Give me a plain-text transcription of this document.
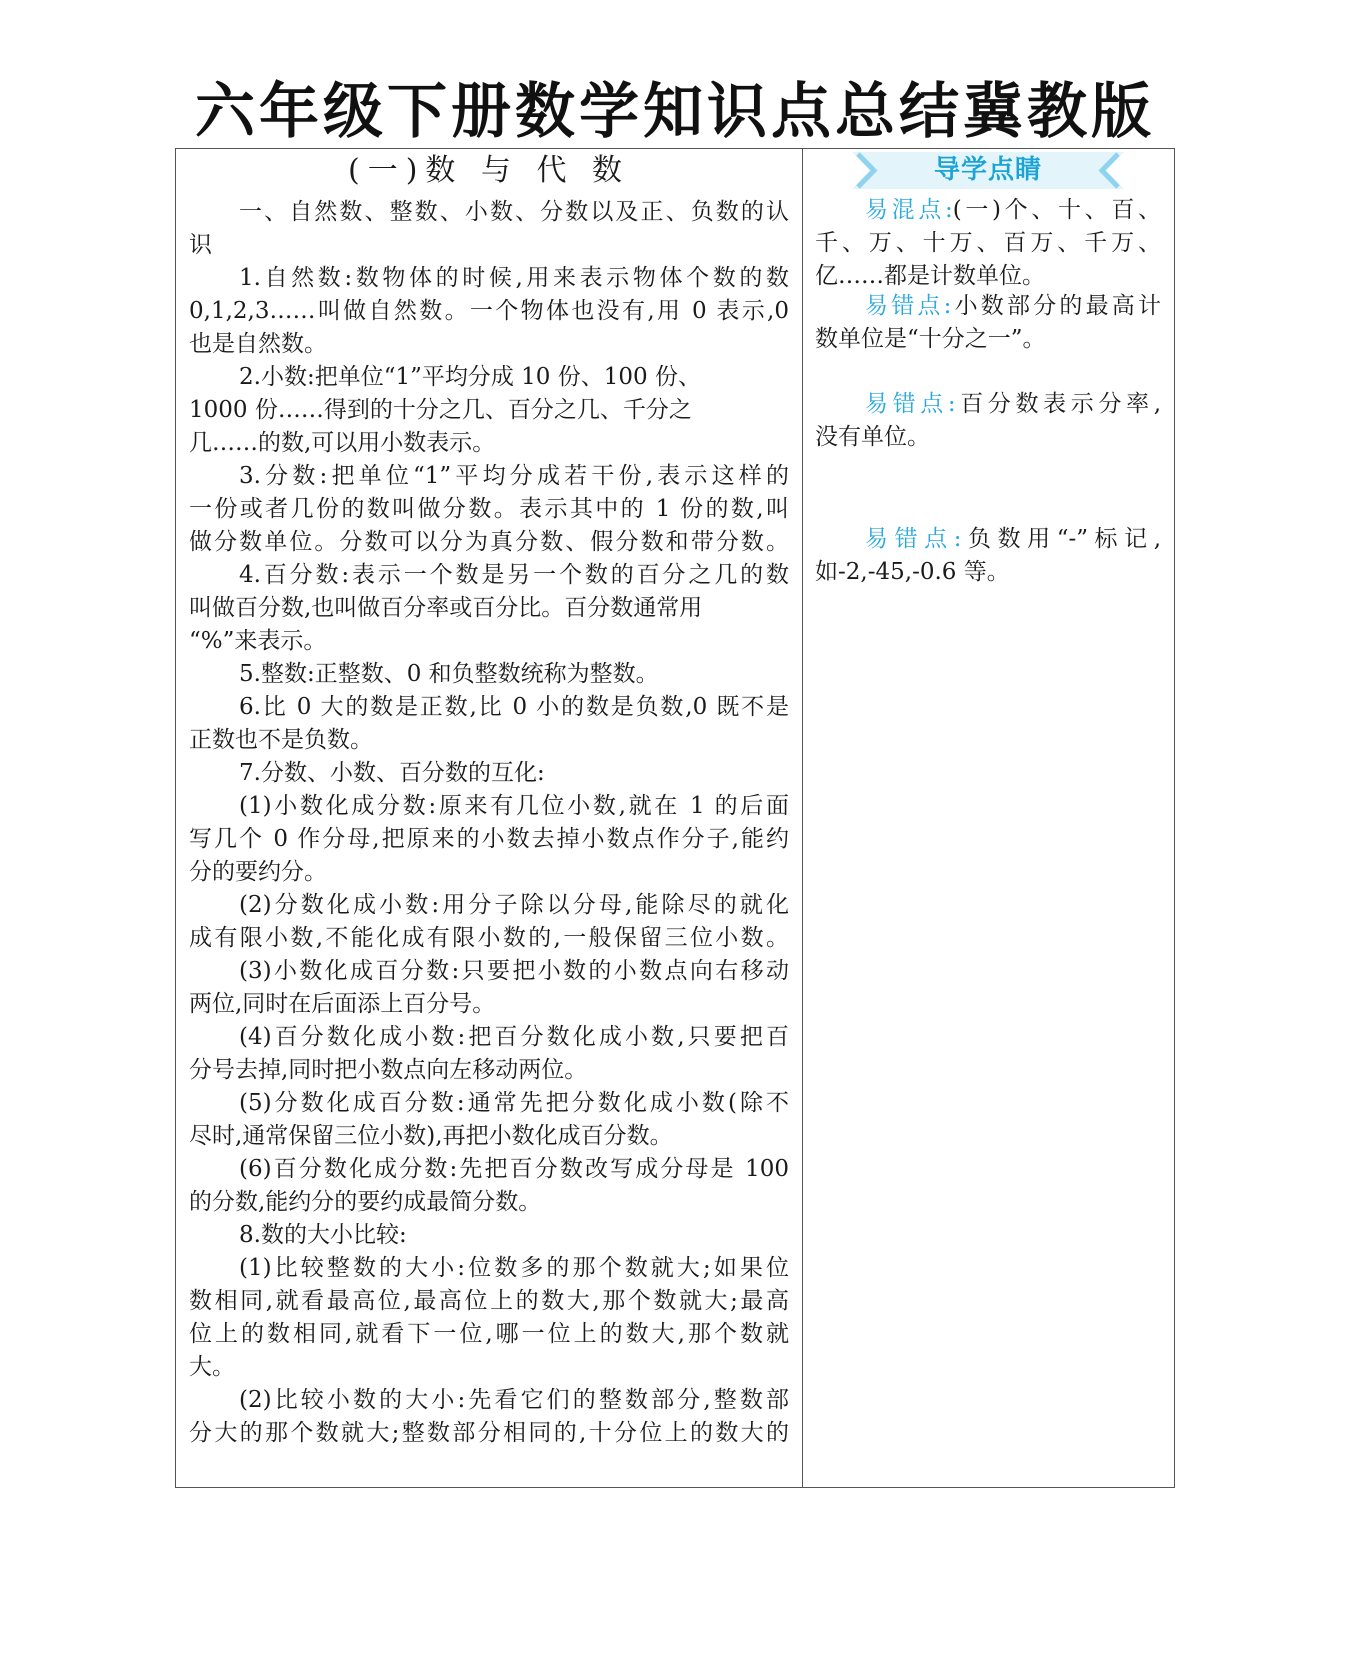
六年级下册数学知识点总结冀教版
(一)数 与 代 数
一、自然数、整数、小数、分数以及正、负数的认
识
1.自然数:数物体的时候,用来表示物体个数的数
0,1,2,3……叫做自然数。一个物体也没有,用 0 表示,0
也是自然数。
2.小数:把单位“1”平均分成 10 份、100 份、
1000 份……得到的十分之几、百分之几、千分之
几……的数,可以用小数表示。
3.分数:把单位“1”平均分成若干份,表示这样的
一份或者几份的数叫做分数。表示其中的 1 份的数,叫
做分数单位。分数可以分为真分数、假分数和带分数。
4.百分数:表示一个数是另一个数的百分之几的数
叫做百分数,也叫做百分率或百分比。百分数通常用
“%”来表示。
5.整数:正整数、0 和负整数统称为整数。
6.比 0 大的数是正数,比 0 小的数是负数,0 既不是
正数也不是负数。
7.分数、小数、百分数的互化:
(1)小数化成分数:原来有几位小数,就在 1 的后面
写几个 0 作分母,把原来的小数去掉小数点作分子,能约
分的要约分。
(2)分数化成小数:用分子除以分母,能除尽的就化
成有限小数,不能化成有限小数的,一般保留三位小数。
(3)小数化成百分数:只要把小数的小数点向右移动
两位,同时在后面添上百分号。
(4)百分数化成小数:把百分数化成小数,只要把百
分号去掉,同时把小数点向左移动两位。
(5)分数化成百分数:通常先把分数化成小数(除不
尽时,通常保留三位小数),再把小数化成百分数。
(6)百分数化成分数:先把百分数改写成分母是 100
的分数,能约分的要约成最简分数。
8.数的大小比较:
(1)比较整数的大小:位数多的那个数就大;如果位
数相同,就看最高位,最高位上的数大,那个数就大;最高
位上的数相同,就看下一位,哪一位上的数大,那个数就
大。
(2)比较小数的大小:先看它们的整数部分,整数部
分大的那个数就大;整数部分相同的,十分位上的数大的
导学点睛
易混点:(一)个、十、百、
千、万、十万、百万、千万、
亿……都是计数单位。
易错点:小数部分的最高计
数单位是“十分之一”。
易错点:百分数表示分率,
没有单位。
易错点:负数用“-”标记,
如-2,-45,-0.6 等。
